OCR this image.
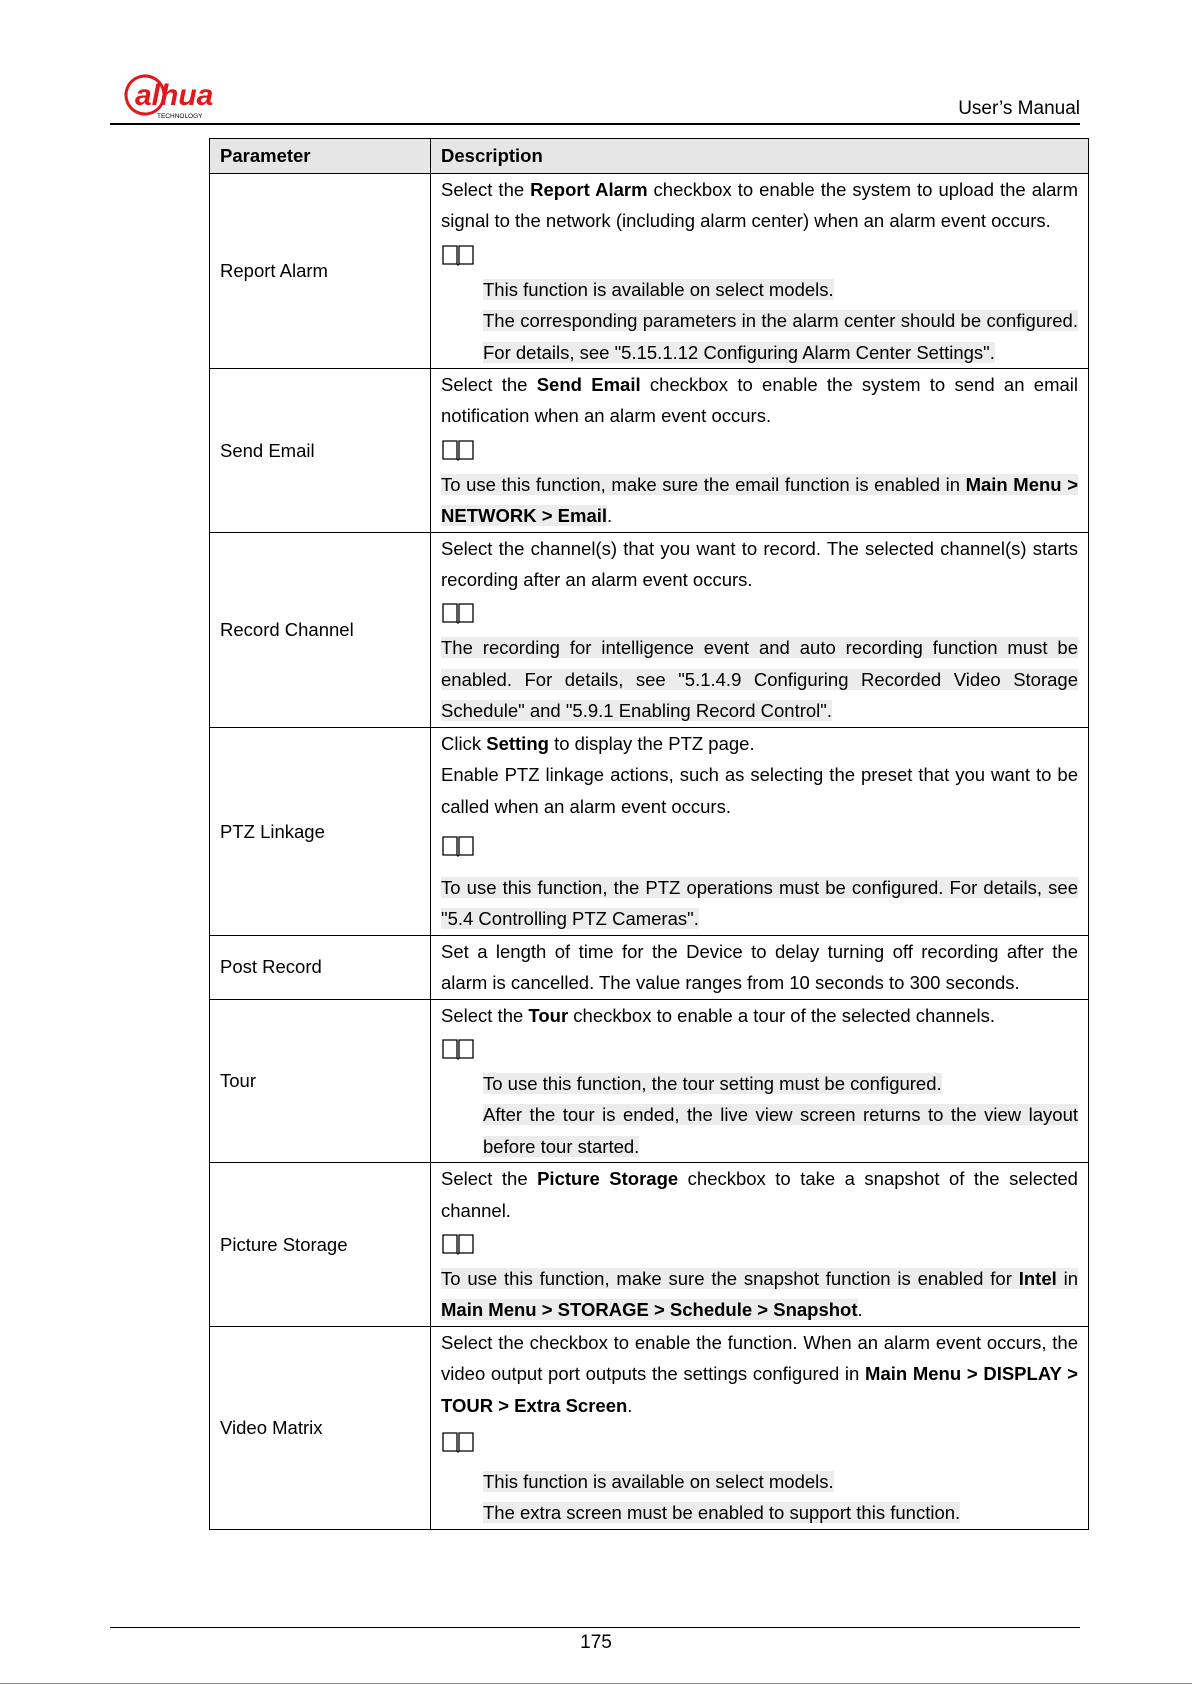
alhua
TECHNOLOGY	User’s Manual
Parameter	Description
Report Alarm	Select the Report Alarm checkbox to enable the system to upload the alarm signal to the network (including alarm center) when an alarm event occurs.
This function is available on select models.
The corresponding parameters in the alarm center should be configured. For details, see "5.15.1.12 Configuring Alarm Center Settings".

Send Email	Select the Send Email checkbox to enable the system to send an email notification when an alarm event occurs.
To use this function, make sure the email function is enabled in Main Menu > NETWORK > Email.

Record Channel	Select the channel(s) that you want to record. The selected channel(s) starts recording after an alarm event occurs.
The recording for intelligence event and auto recording function must be enabled. For details, see "5.1.4.9 Configuring Recorded Video Storage Schedule" and "5.9.1 Enabling Record Control".

PTZ Linkage	Click Setting to display the PTZ page.
Enable PTZ linkage actions, such as selecting the preset that you want to be called when an alarm event occurs.
To use this function, the PTZ operations must be configured. For details, see "5.4 Controlling PTZ Cameras".

Post Record	Set a length of time for the Device to delay turning off recording after the alarm is cancelled. The value ranges from 10 seconds to 300 seconds.

Tour	Select the Tour checkbox to enable a tour of the selected channels.
To use this function, the tour setting must be configured.
After the tour is ended, the live view screen returns to the view layout before tour started.

Picture Storage	Select the Picture Storage checkbox to take a snapshot of the selected channel.
To use this function, make sure the snapshot function is enabled for Intel in Main Menu > STORAGE > Schedule > Snapshot.

Video Matrix	Select the checkbox to enable the function. When an alarm event occurs, the video output port outputs the settings configured in Main Menu > DISPLAY > TOUR > Extra Screen.
This function is available on select models.
The extra screen must be enabled to support this function.
175
